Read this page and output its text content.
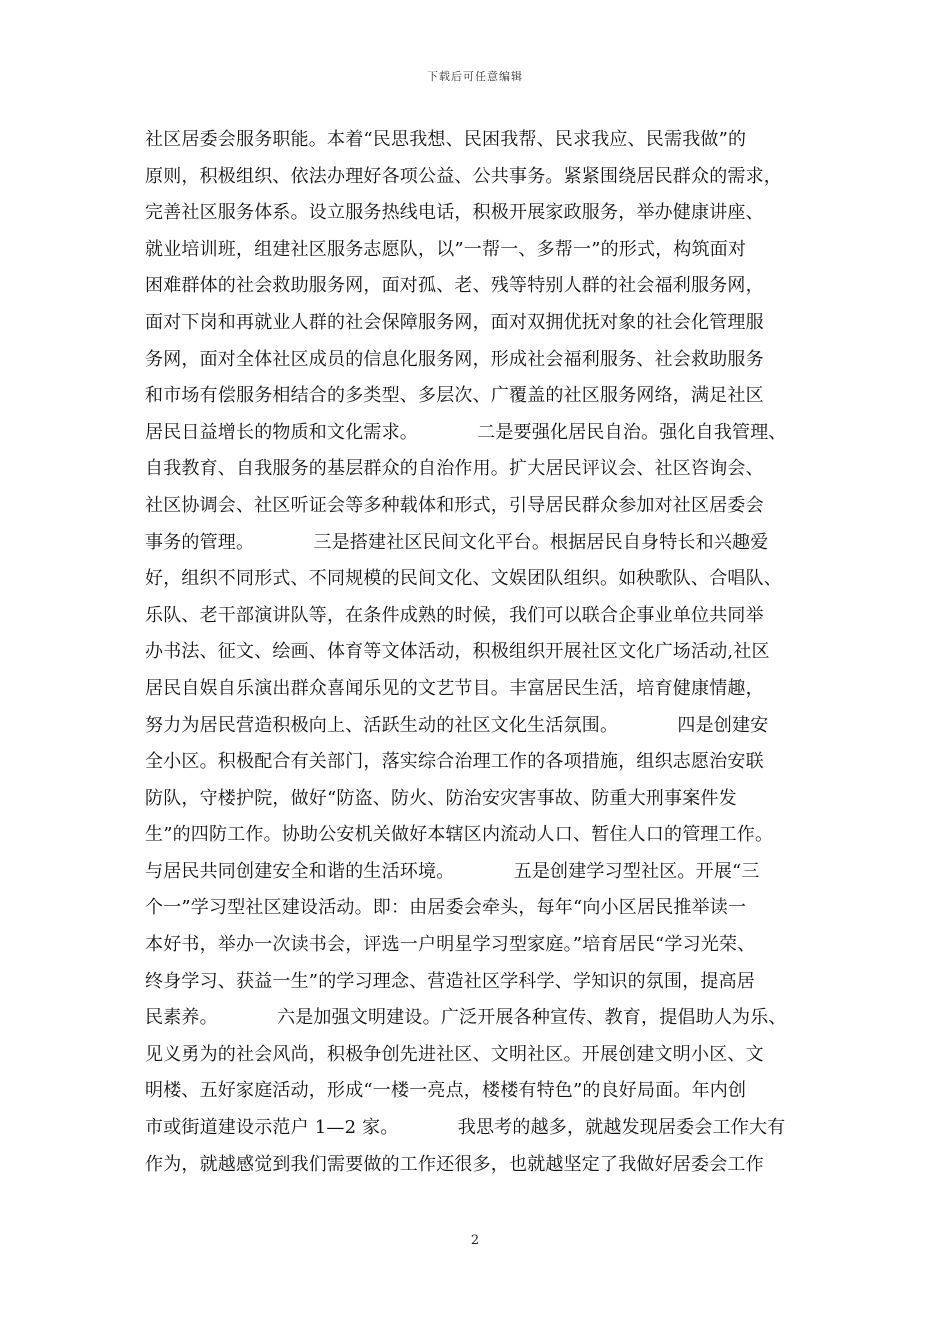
下载后可任意编辑
社区居委会服务职能。本着“民思我想、民困我帮、民求我应、民需我做”的
原则，积极组织、依法办理好各项公益、公共事务。紧紧围绕居民群众的需求，
完善社区服务体系。设立服务热线电话，积极开展家政服务，举办健康讲座、
就业培训班，组建社区服务志愿队，以”一帮一、多帮一”的形式，构筑面对
困难群体的社会救助服务网，面对孤、老、残等特别人群的社会福利服务网，
面对下岗和再就业人群的社会保障服务网，面对双拥优抚对象的社会化管理服
务网，面对全体社区成员的信息化服务网，形成社会福利服务、社会救助服务
和市场有偿服务相结合的多类型、多层次、广覆盖的社区服务网络，满足社区
居民日益增长的物质和文化需求。          二是要强化居民自治。强化自我管理、
自我教育、自我服务的基层群众的自治作用。扩大居民评议会、社区咨询会、
社区协调会、社区听证会等多种载体和形式，引导居民群众参加对社区居委会
事务的管理。          三是搭建社区民间文化平台。根据居民自身特长和兴趣爱
好，组织不同形式、不同规模的民间文化、文娱团队组织。如秧歌队、合唱队、
乐队、老干部演讲队等，在条件成熟的时候，我们可以联合企事业单位共同举
办书法、征文、绘画、体育等文体活动，积极组织开展社区文化广场活动,社区
居民自娱自乐演出群众喜闻乐见的文艺节目。丰富居民生活，培育健康情趣，
努力为居民营造积极向上、活跃生动的社区文化生活氛围。          四是创建安
全小区。积极配合有关部门，落实综合治理工作的各项措施，组织志愿治安联
防队，守楼护院，做好“防盗、防火、防治安灾害事故、防重大刑事案件发
生”的四防工作。协助公安机关做好本辖区内流动人口、暂住人口的管理工作。
与居民共同创建安全和谐的生活环境。          五是创建学习型社区。开展“三
个一”学习型社区建设活动。即：由居委会牵头，每年“向小区居民推举读一
本好书，举办一次读书会，评选一户明星学习型家庭。”培育居民“学习光荣、
终身学习、获益一生”的学习理念、营造社区学科学、学知识的氛围，提高居
民素养。          六是加强文明建设。广泛开展各种宣传、教育，提倡助人为乐、
见义勇为的社会风尚，积极争创先进社区、文明社区。开展创建文明小区、文
明楼、五好家庭活动，形成“一楼一亮点，楼楼有特色”的良好局面。年内创
市或街道建设示范户 1—2 家。          我思考的越多，就越发现居委会工作大有
作为，就越感觉到我们需要做的工作还很多，也就越坚定了我做好居委会工作
2
